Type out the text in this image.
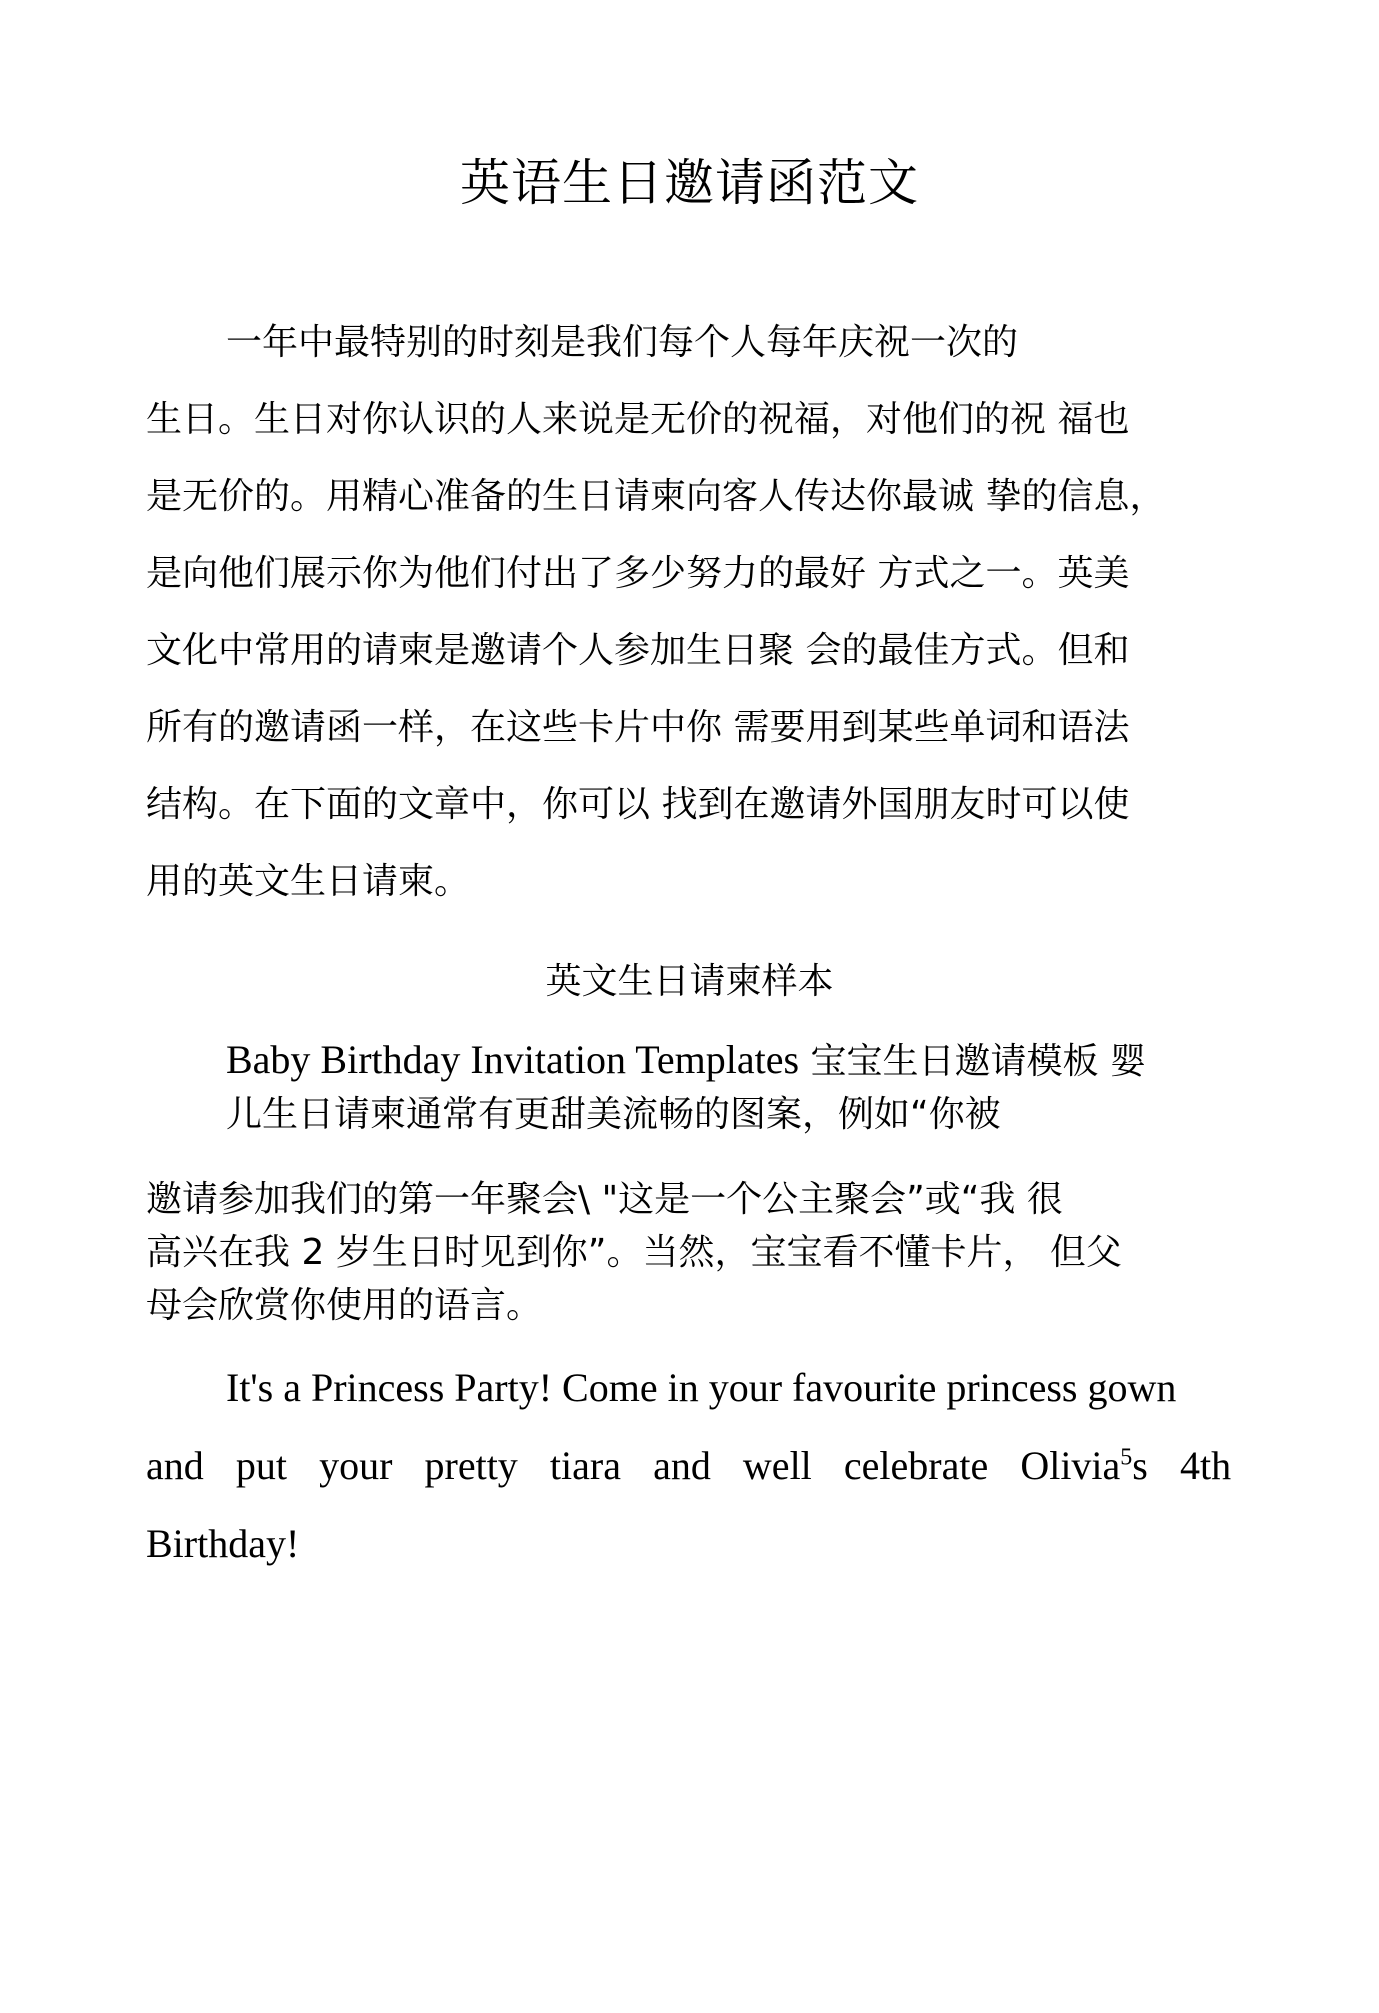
英语生日邀请函范文
一年中最特别的时刻是我们每个人每年庆祝一次的
生日。生日对你认识的人来说是无价的祝福，对他们的祝 福也
是无价的。用精心准备的生日请柬向客人传达你最诚 挚的信息，
是向他们展示你为他们付出了多少努力的最好 方式之一。英美
文化中常用的请柬是邀请个人参加生日聚 会的最佳方式。但和
所有的邀请函一样，在这些卡片中你 需要用到某些单词和语法
结构。在下面的文章中，你可以 找到在邀请外国朋友时可以使
用的英文生日请柬。
英文生日请柬样本
Baby Birthday Invitation Templates 宝宝生日邀请模板 婴
儿生日请柬通常有更甜美流畅的图案，例如“你被
邀请参加我们的第一年聚会\ "这是一个公主聚会”或“我 很
高兴在我 2 岁生日时见到你”。当然，宝宝看不懂卡片， 但父
母会欣赏你使用的语言。
It's a Princess Party! Come in your favourite princess gown
and put your pretty tiara and well celebrate Olivia$^5$s 4th
Birthday!
